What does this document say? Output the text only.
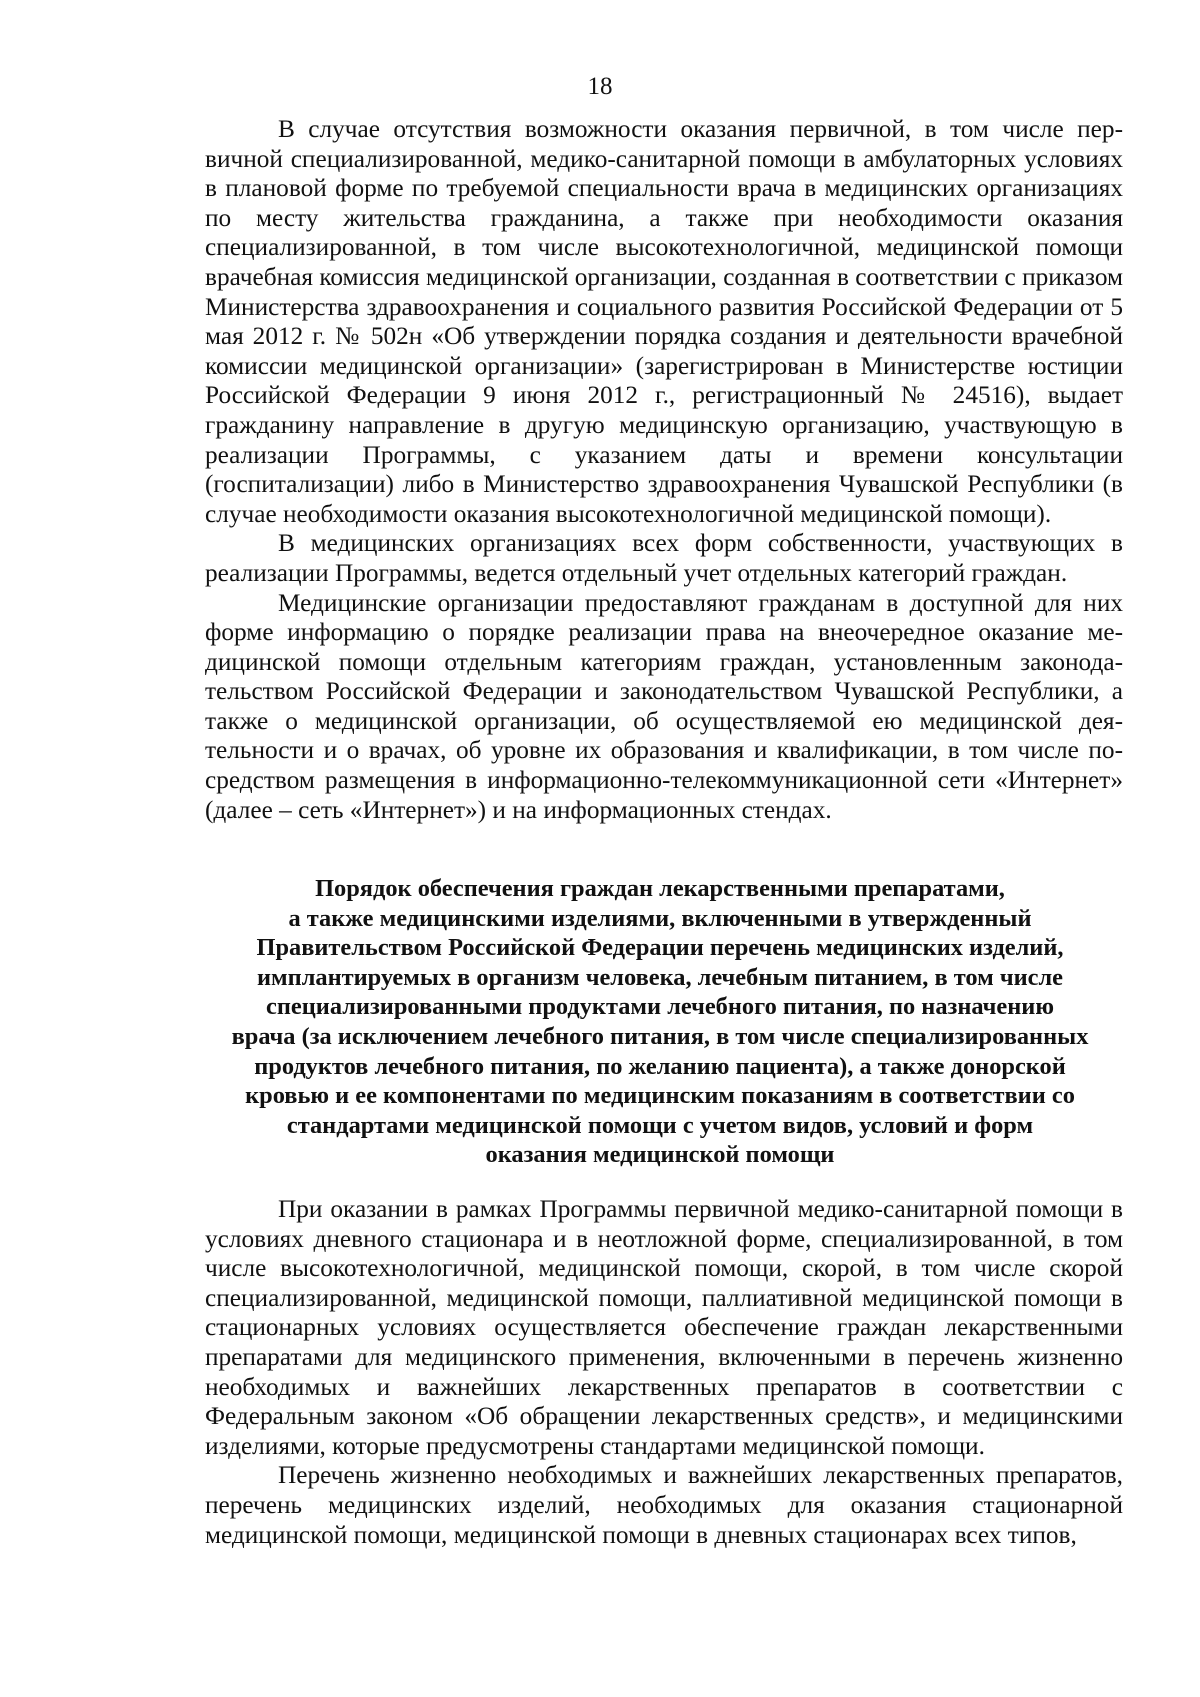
18

В случае отсутствия возможности оказания первичной, в том числе первичной специализированной, медико-санитарной помощи в амбулаторных условиях в плановой форме по требуемой специальности врача в медицинских организациях по месту жительства гражданина, а также при необходимости оказания специализированной, в том числе высокотехнологичной, медицинской помощи врачебная комиссия медицинской организации, созданная в соответствии с приказом Министерства здравоохранения и социального развития Российской Федерации от 5 мая 2012 г. № 502н «Об утверждении порядка создания и деятельности врачебной комиссии медицинской организации» (зарегистрирован в Министерстве юстиции Российской Федерации 9 июня 2012 г., регистрационный № 24516), выдает гражданину направление в другую медицинскую организацию, участвующую в реализации Программы, с указанием даты и времени консультации (госпитализации) либо в Министерство здравоохранения Чувашской Республики (в случае необходимости оказания высокотехнологичной медицинской помощи).

В медицинских организациях всех форм собственности, участвующих в реализации Программы, ведется отдельный учет отдельных категорий граждан.

Медицинские организации предоставляют гражданам в доступной для них форме информацию о порядке реализации права на внеочередное оказание медицинской помощи отдельным категориям граждан, установленным законодательством Российской Федерации и законодательством Чувашской Республики, а также о медицинской организации, об осуществляемой ею медицинской деятельности и о врачах, об уровне их образования и квалификации, в том числе посредством размещения в информационно-телекоммуникационной сети «Интернет» (далее – сеть «Интернет») и на информационных стендах.

Порядок обеспечения граждан лекарственными препаратами,
а также медицинскими изделиями, включенными в утвержденный
Правительством Российской Федерации перечень медицинских изделий,
имплантируемых в организм человека, лечебным питанием, в том числе
специализированными продуктами лечебного питания, по назначению
врача (за исключением лечебного питания, в том числе специализированных
продуктов лечебного питания, по желанию пациента), а также донорской
кровью и ее компонентами по медицинским показаниям в соответствии со
стандартами медицинской помощи с учетом видов, условий и форм
оказания медицинской помощи

При оказании в рамках Программы первичной медико-санитарной помощи в условиях дневного стационара и в неотложной форме, специализированной, в том числе высокотехнологичной, медицинской помощи, скорой, в том числе скорой специализированной, медицинской помощи, паллиативной медицинской помощи в стационарных условиях осуществляется обеспечение граждан лекарственными препаратами для медицинского применения, включенными в перечень жизненно необходимых и важнейших лекарственных препаратов в соответствии с Федеральным законом «Об обращении лекарственных средств», и медицинскими изделиями, которые предусмотрены стандартами медицинской помощи.

Перечень жизненно необходимых и важнейших лекарственных препаратов, перечень медицинских изделий, необходимых для оказания стационарной медицинской помощи, медицинской помощи в дневных стационарах всех типов,
